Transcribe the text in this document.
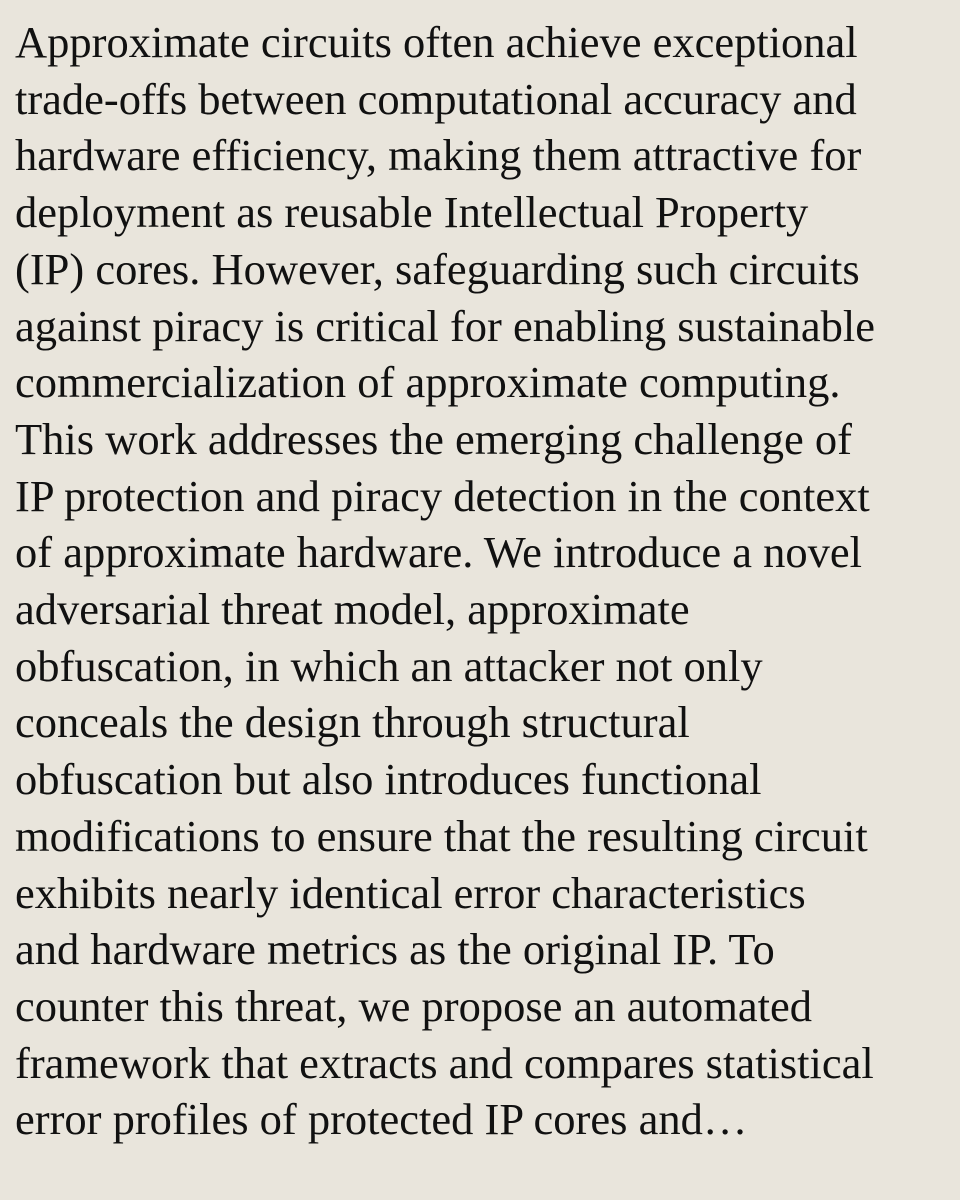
Approximate circuits often achieve exceptional
trade-offs between computational accuracy and
hardware efficiency, making them attractive for
deployment as reusable Intellectual Property
(IP) cores. However, safeguarding such circuits
against piracy is critical for enabling sustainable
commercialization of approximate computing.
This work addresses the emerging challenge of
IP protection and piracy detection in the context
of approximate hardware. We introduce a novel
adversarial threat model, approximate
obfuscation, in which an attacker not only
conceals the design through structural
obfuscation but also introduces functional
modifications to ensure that the resulting circuit
exhibits nearly identical error characteristics
and hardware metrics as the original IP. To
counter this threat, we propose an automated
framework that extracts and compares statistical
error profiles of protected IP cores and…
